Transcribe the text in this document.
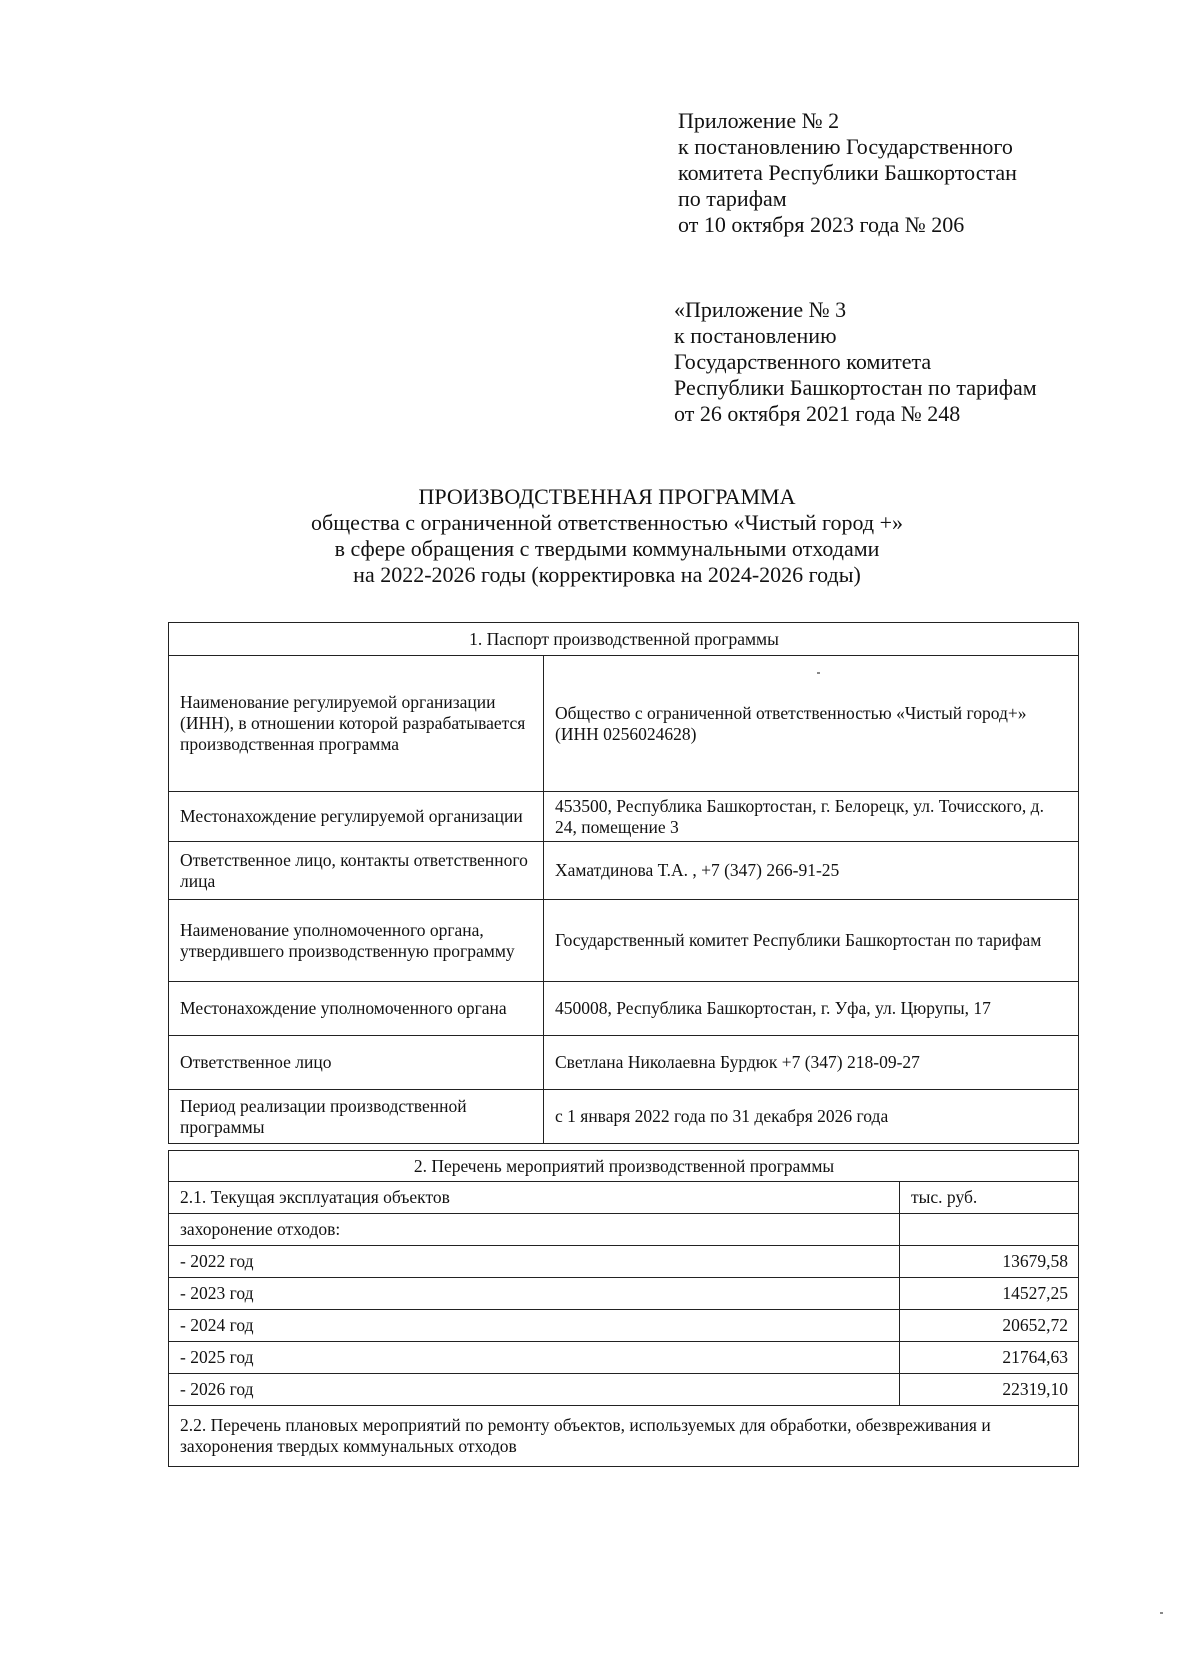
Приложение № 2
к постановлению Государственного
комитета Республики Башкортостан
по тарифам
от 10 октября 2023 года № 206
«Приложение № 3
к постановлению
Государственного комитета
Республики Башкортостан по тарифам
от 26 октября 2021 года № 248
ПРОИЗВОДСТВЕННАЯ ПРОГРАММА
общества с ограниченной ответственностью «Чистый город +»
в сфере обращения с твердыми коммунальными отходами
на 2022-2026 годы (корректировка на 2024-2026 годы)
1. Паспорт производственной программы	
Наименование регулируемой организации (ИНН), в отношении которой разрабатывается производственная программа	Общество с ограниченной ответственностью «Чистый город+» (ИНН 0256024628)
Местонахождение регулируемой организации	453500, Республика Башкортостан, г. Белорецк, ул. Точисского, д. 24, помещение 3
Ответственное лицо, контакты ответственного лица	Хаматдинова Т.А. , +7 (347) 266-91-25
Наименование уполномоченного органа, утвердившего производственную программу	Государственный комитет Республики Башкортостан по тарифам
Местонахождение уполномоченного органа	450008, Республика Башкортостан, г. Уфа, ул. Цюрупы, 17
Ответственное лицо	Светлана Николаевна Бурдюк +7 (347) 218-09-27
Период реализации производственной программы	с 1 января 2022 года по 31 декабря 2026 года
2. Перечень мероприятий производственной программы	
2.1. Текущая эксплуатация объектов	тыс. руб.
захоронение отходов:	
- 2022 год	13679,58
- 2023 год	14527,25
- 2024 год	20652,72
- 2025 год	21764,63
- 2026 год	22319,10
2.2. Перечень плановых мероприятий по ремонту объектов, используемых для обработки, обезвреживания и захоронения твердых коммунальных отходов	
